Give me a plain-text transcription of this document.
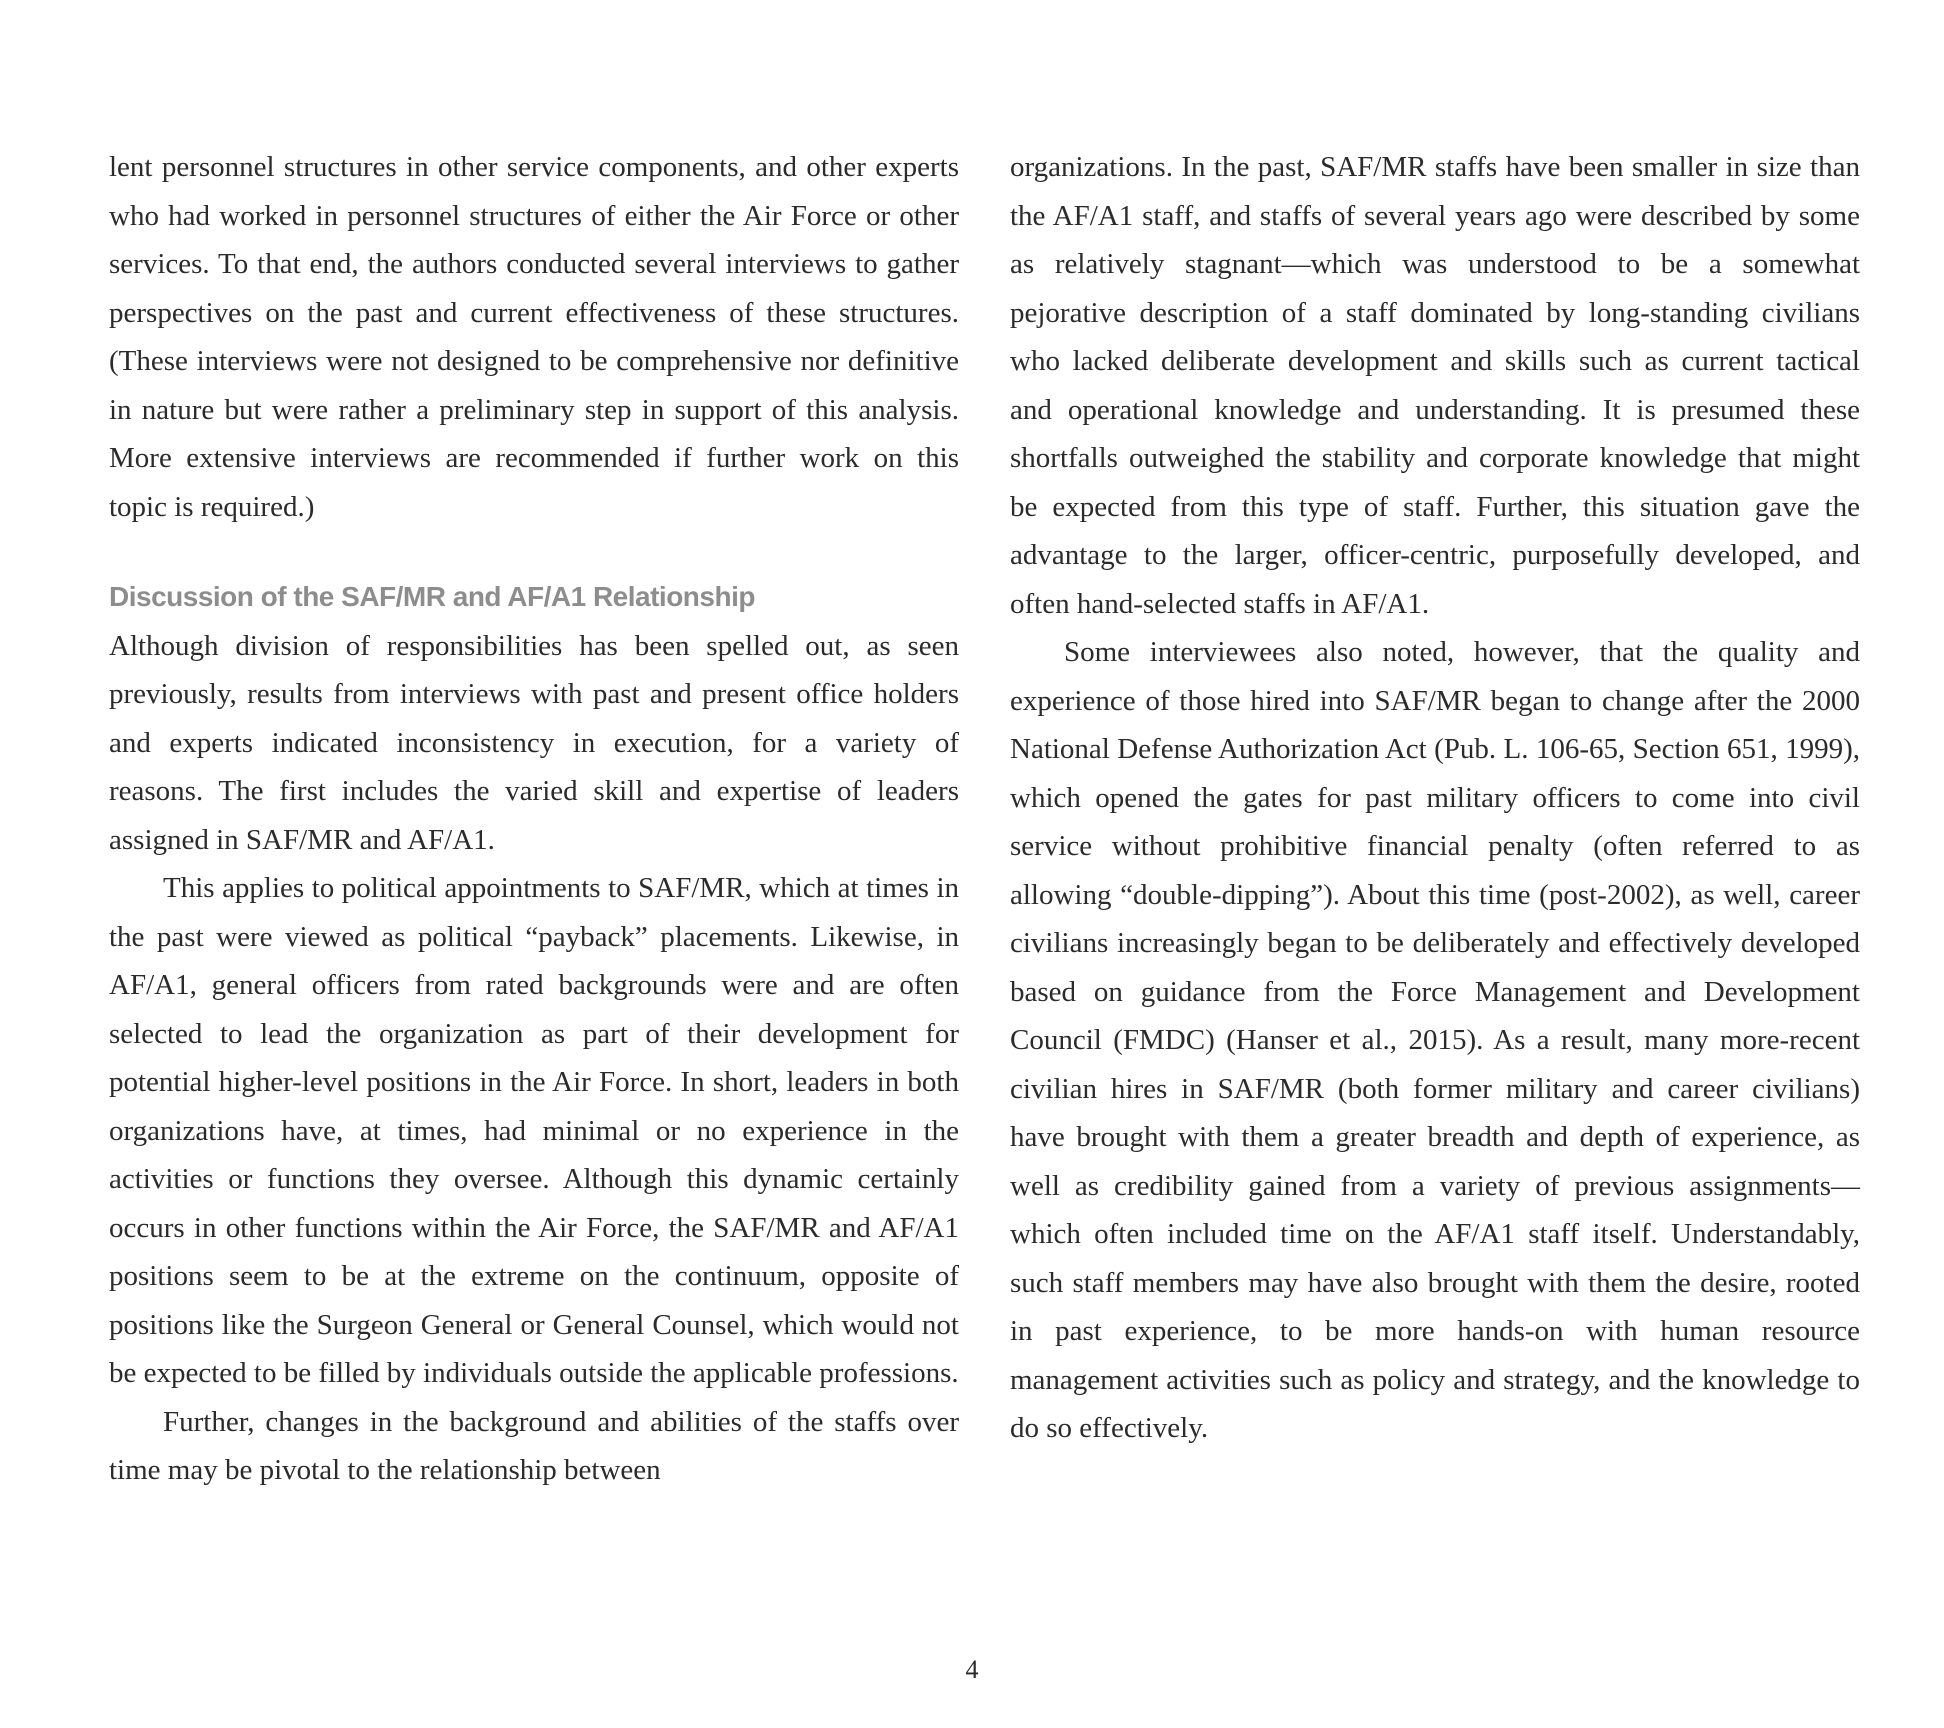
lent personnel structures in other service components, and other experts who had worked in personnel structures of either the Air Force or other services. To that end, the authors conducted several interviews to gather perspectives on the past and current effectiveness of these structures. (These interviews were not designed to be comprehensive nor definitive in nature but were rather a preliminary step in support of this analysis. More extensive interviews are recommended if further work on this topic is required.)

Discussion of the SAF/MR and AF/A1 Relationship

Although division of responsibilities has been spelled out, as seen previously, results from interviews with past and present office holders and experts indicated inconsistency in execution, for a variety of reasons. The first includes the varied skill and expertise of leaders assigned in SAF/MR and AF/A1.

This applies to political appointments to SAF/MR, which at times in the past were viewed as political “payback” placements. Likewise, in AF/A1, general officers from rated backgrounds were and are often selected to lead the organization as part of their development for potential higher-level positions in the Air Force. In short, leaders in both organizations have, at times, had minimal or no experience in the activities or functions they oversee. Although this dynamic certainly occurs in other functions within the Air Force, the SAF/MR and AF/A1 positions seem to be at the extreme on the continuum, opposite of positions like the Surgeon General or General Counsel, which would not be expected to be filled by individuals outside the applicable professions.

Further, changes in the background and abilities of the staffs over time may be pivotal to the relationship between

organizations. In the past, SAF/MR staffs have been smaller in size than the AF/A1 staff, and staffs of several years ago were described by some as relatively stagnant—which was understood to be a somewhat pejorative description of a staff dominated by long-standing civilians who lacked deliberate development and skills such as current tactical and operational knowledge and understanding. It is presumed these shortfalls outweighed the stability and corporate knowledge that might be expected from this type of staff. Further, this situation gave the advantage to the larger, officer-centric, purposefully developed, and often hand-selected staffs in AF/A1.

Some interviewees also noted, however, that the quality and experience of those hired into SAF/MR began to change after the 2000 National Defense Authorization Act (Pub. L. 106-65, Section 651, 1999), which opened the gates for past military officers to come into civil service without prohibitive financial penalty (often referred to as allowing “double-dipping”). About this time (post-2002), as well, career civilians increasingly began to be deliberately and effectively developed based on guidance from the Force Management and Development Council (FMDC) (Hanser et al., 2015). As a result, many more-recent civilian hires in SAF/MR (both former military and career civilians) have brought with them a greater breadth and depth of experience, as well as credibility gained from a variety of previous assignments—which often included time on the AF/A1 staff itself. Understandably, such staff members may have also brought with them the desire, rooted in past experience, to be more hands-on with human resource management activities such as policy and strategy, and the knowledge to do so effectively.

4
